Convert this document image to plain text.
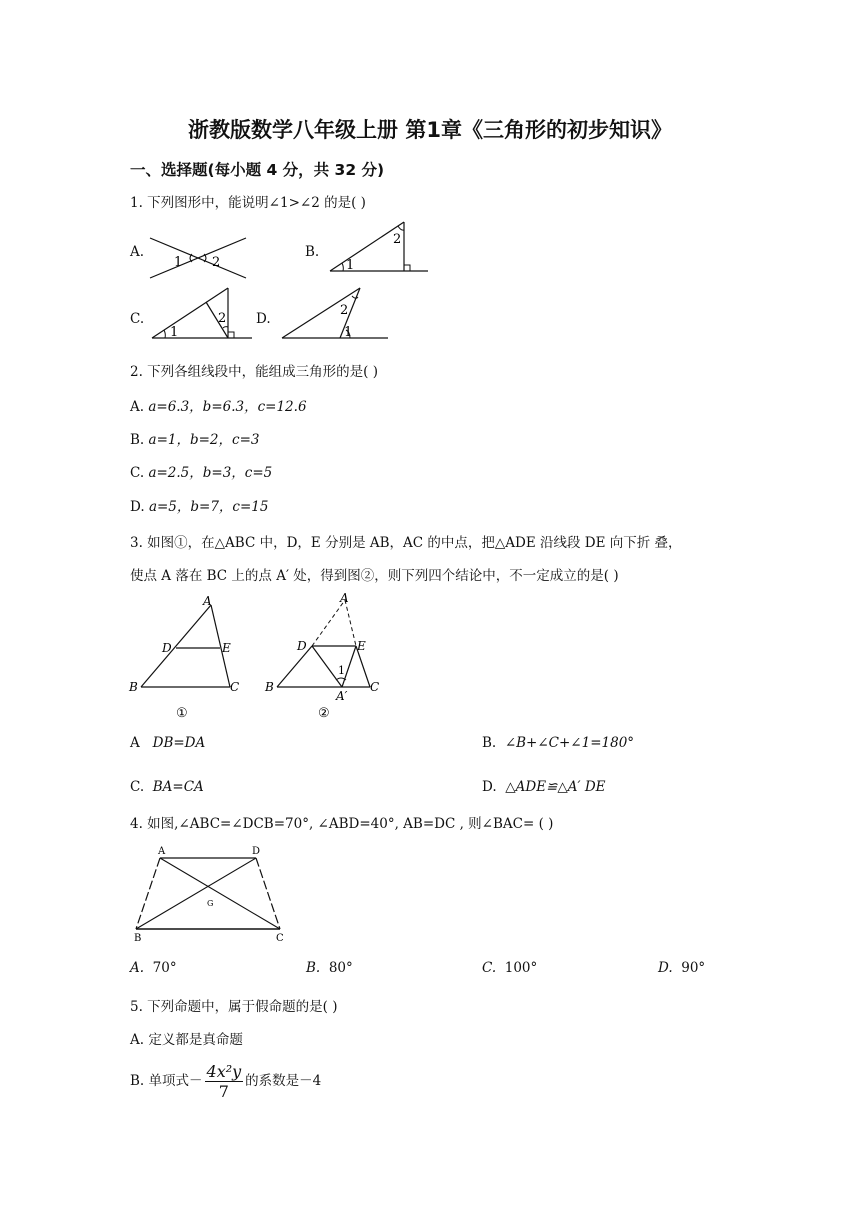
浙教版数学八年级上册 第1章《三角形的初步知识》
一、选择题(每小题 4 分，共 32 分)
1. 下列图形中，能说明∠1>∠2 的是( )
A.
1 2
B.
1
2
C.
1
2 D.
1
2
2. 下列各组线段中，能组成三角形的是( )
A. a=6.3，b=6.3，c=12.6
B. a=1，b=2，c=3
C. a=2.5，b=3，c=5
D. a=5，b=7，c=15
3. 如图①，在△ABC 中，D，E 分别是 AB，AC 的中点，把△ADE 沿线段 DE 向下折 叠，
使点 A 落在 BC 上的点 A′ 处，得到图②，则下列四个结论中，不一定成立的是( )
A
D	E
B	C
①
A
D	E
B	C
A′
1
②
A DB=DA	B. ∠B+∠C+∠1=180°
C. BA=CA	D. △ADE≌△A′ DE
4. 如图,∠ABC=∠DCB=70°, ∠ABD=40°, AB=DC , 则∠BAC= ( )
A	D
B	C
G
A. 70°	B. 80°	C. 100°	D. 90°
5. 下列命题中，属于假命题的是( )
A. 定义都是真命题
B. 单项式－ $\frac{\text{4x²y}}{7}$ 的系数是－4
